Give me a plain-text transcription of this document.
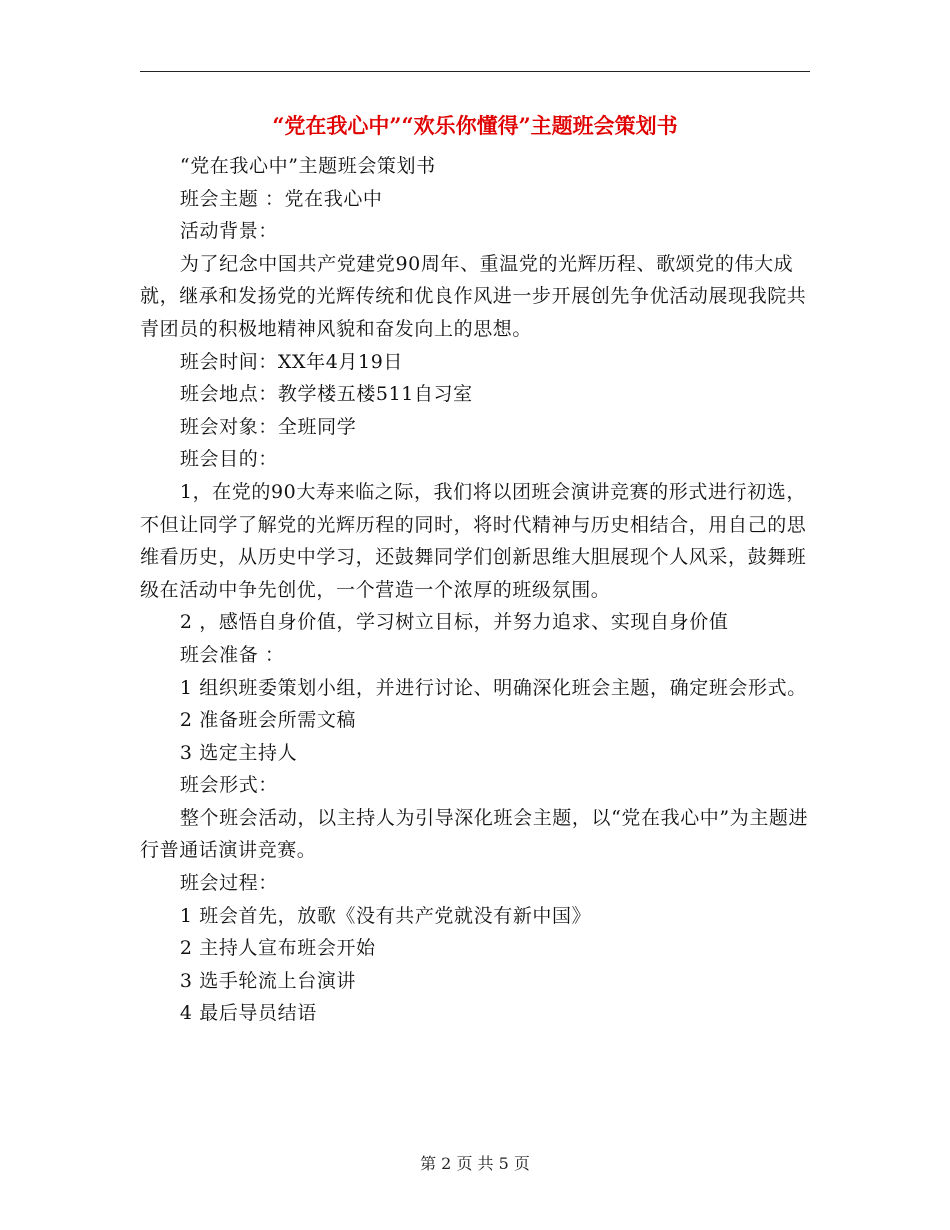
“党在我心中”“欢乐你懂得”主题班会策划书

“党在我心中”主题班会策划书

班会主题 ：党在我心中

活动背景：

为了纪念中国共产党建党90周年、重温党的光辉历程、歌颂党的伟大成就，继承和发扬党的光辉传统和优良作风进一步开展创先争优活动展现我院共青团员的积极地精神风貌和奋发向上的思想。

班会时间：XX年4月19日

班会地点：教学楼五楼511自习室

班会对象：全班同学

班会目的：

1，在党的90大寿来临之际，我们将以团班会演讲竞赛的形式进行初选，不但让同学了解党的光辉历程的同时，将时代精神与历史相结合，用自己的思维看历史，从历史中学习，还鼓舞同学们创新思维大胆展现个人风采，鼓舞班级在活动中争先创优，一个营造一个浓厚的班级氛围。

2 ，感悟自身价值，学习树立目标，并努力追求、实现自身价值

班会准备 ：

1 组织班委策划小组，并进行讨论、明确深化班会主题，确定班会形式。

2 准备班会所需文稿

3 选定主持人

班会形式：

整个班会活动，以主持人为引导深化班会主题，以“党在我心中”为主题进行普通话演讲竞赛。

班会过程：

1 班会首先，放歌《没有共产党就没有新中国》

2 主持人宣布班会开始

3 选手轮流上台演讲

4 最后导员结语

第 2 页 共 5 页
